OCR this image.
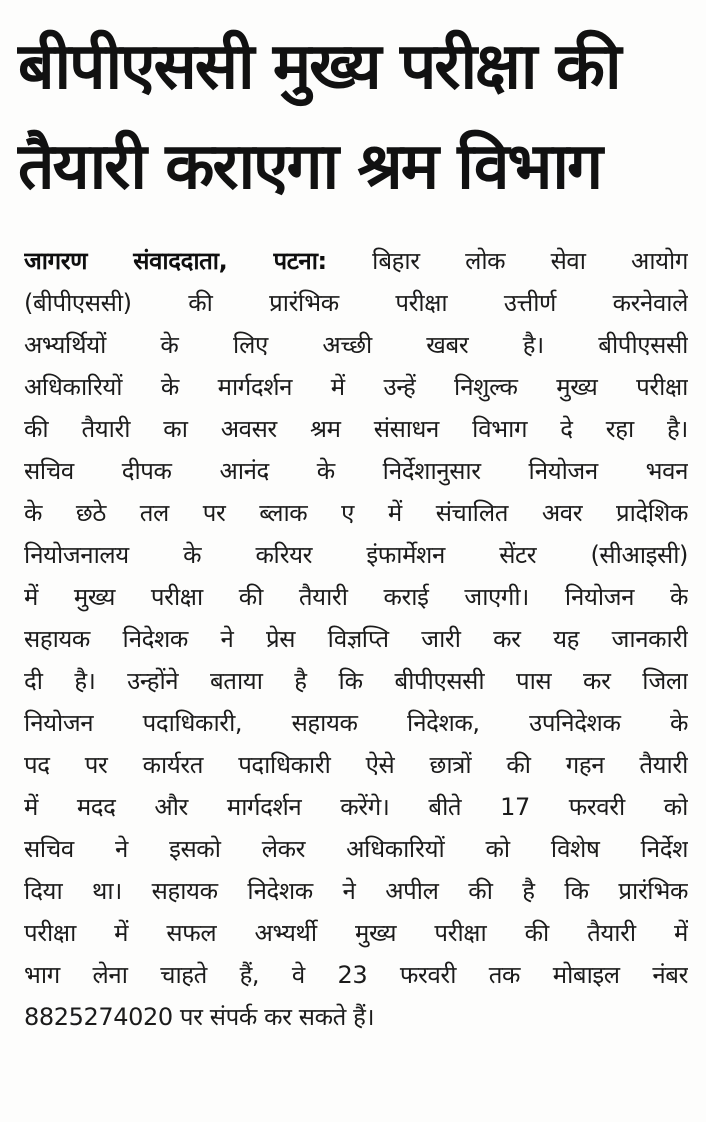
बीपीएससी मुख्य परीक्षा की
तैयारी कराएगा श्रम विभाग
जागरण संवाददाता, पटना: बिहार लोक सेवा आयोग
(बीपीएससी) की प्रारंभिक परीक्षा उत्तीर्ण करनेवाले
अभ्यर्थियों के लिए अच्छी खबर है। बीपीएससी
अधिकारियों के मार्गदर्शन में उन्हें निशुल्क मुख्य परीक्षा
की तैयारी का अवसर श्रम संसाधन विभाग दे रहा है।
सचिव दीपक आनंद के निर्देशानुसार नियोजन भवन
के छठे तल पर ब्लाक ए में संचालित अवर प्रादेशिक
नियोजनालय के करियर इंफार्मेशन सेंटर (सीआइसी)
में मुख्य परीक्षा की तैयारी कराई जाएगी। नियोजन के
सहायक निदेशक ने प्रेस विज्ञप्ति जारी कर यह जानकारी
दी है। उन्होंने बताया है कि बीपीएससी पास कर जिला
नियोजन पदाधिकारी, सहायक निदेशक, उपनिदेशक के
पद पर कार्यरत पदाधिकारी ऐसे छात्रों की गहन तैयारी
में मदद और मार्गदर्शन करेंगे। बीते 17 फरवरी को
सचिव ने इसको लेकर अधिकारियों को विशेष निर्देश
दिया था। सहायक निदेशक ने अपील की है कि प्रारंभिक
परीक्षा में सफल अभ्यर्थी मुख्य परीक्षा की तैयारी में
भाग लेना चाहते हैं, वे 23 फरवरी तक मोबाइल नंबर
8825274020 पर संपर्क कर सकते हैं।
